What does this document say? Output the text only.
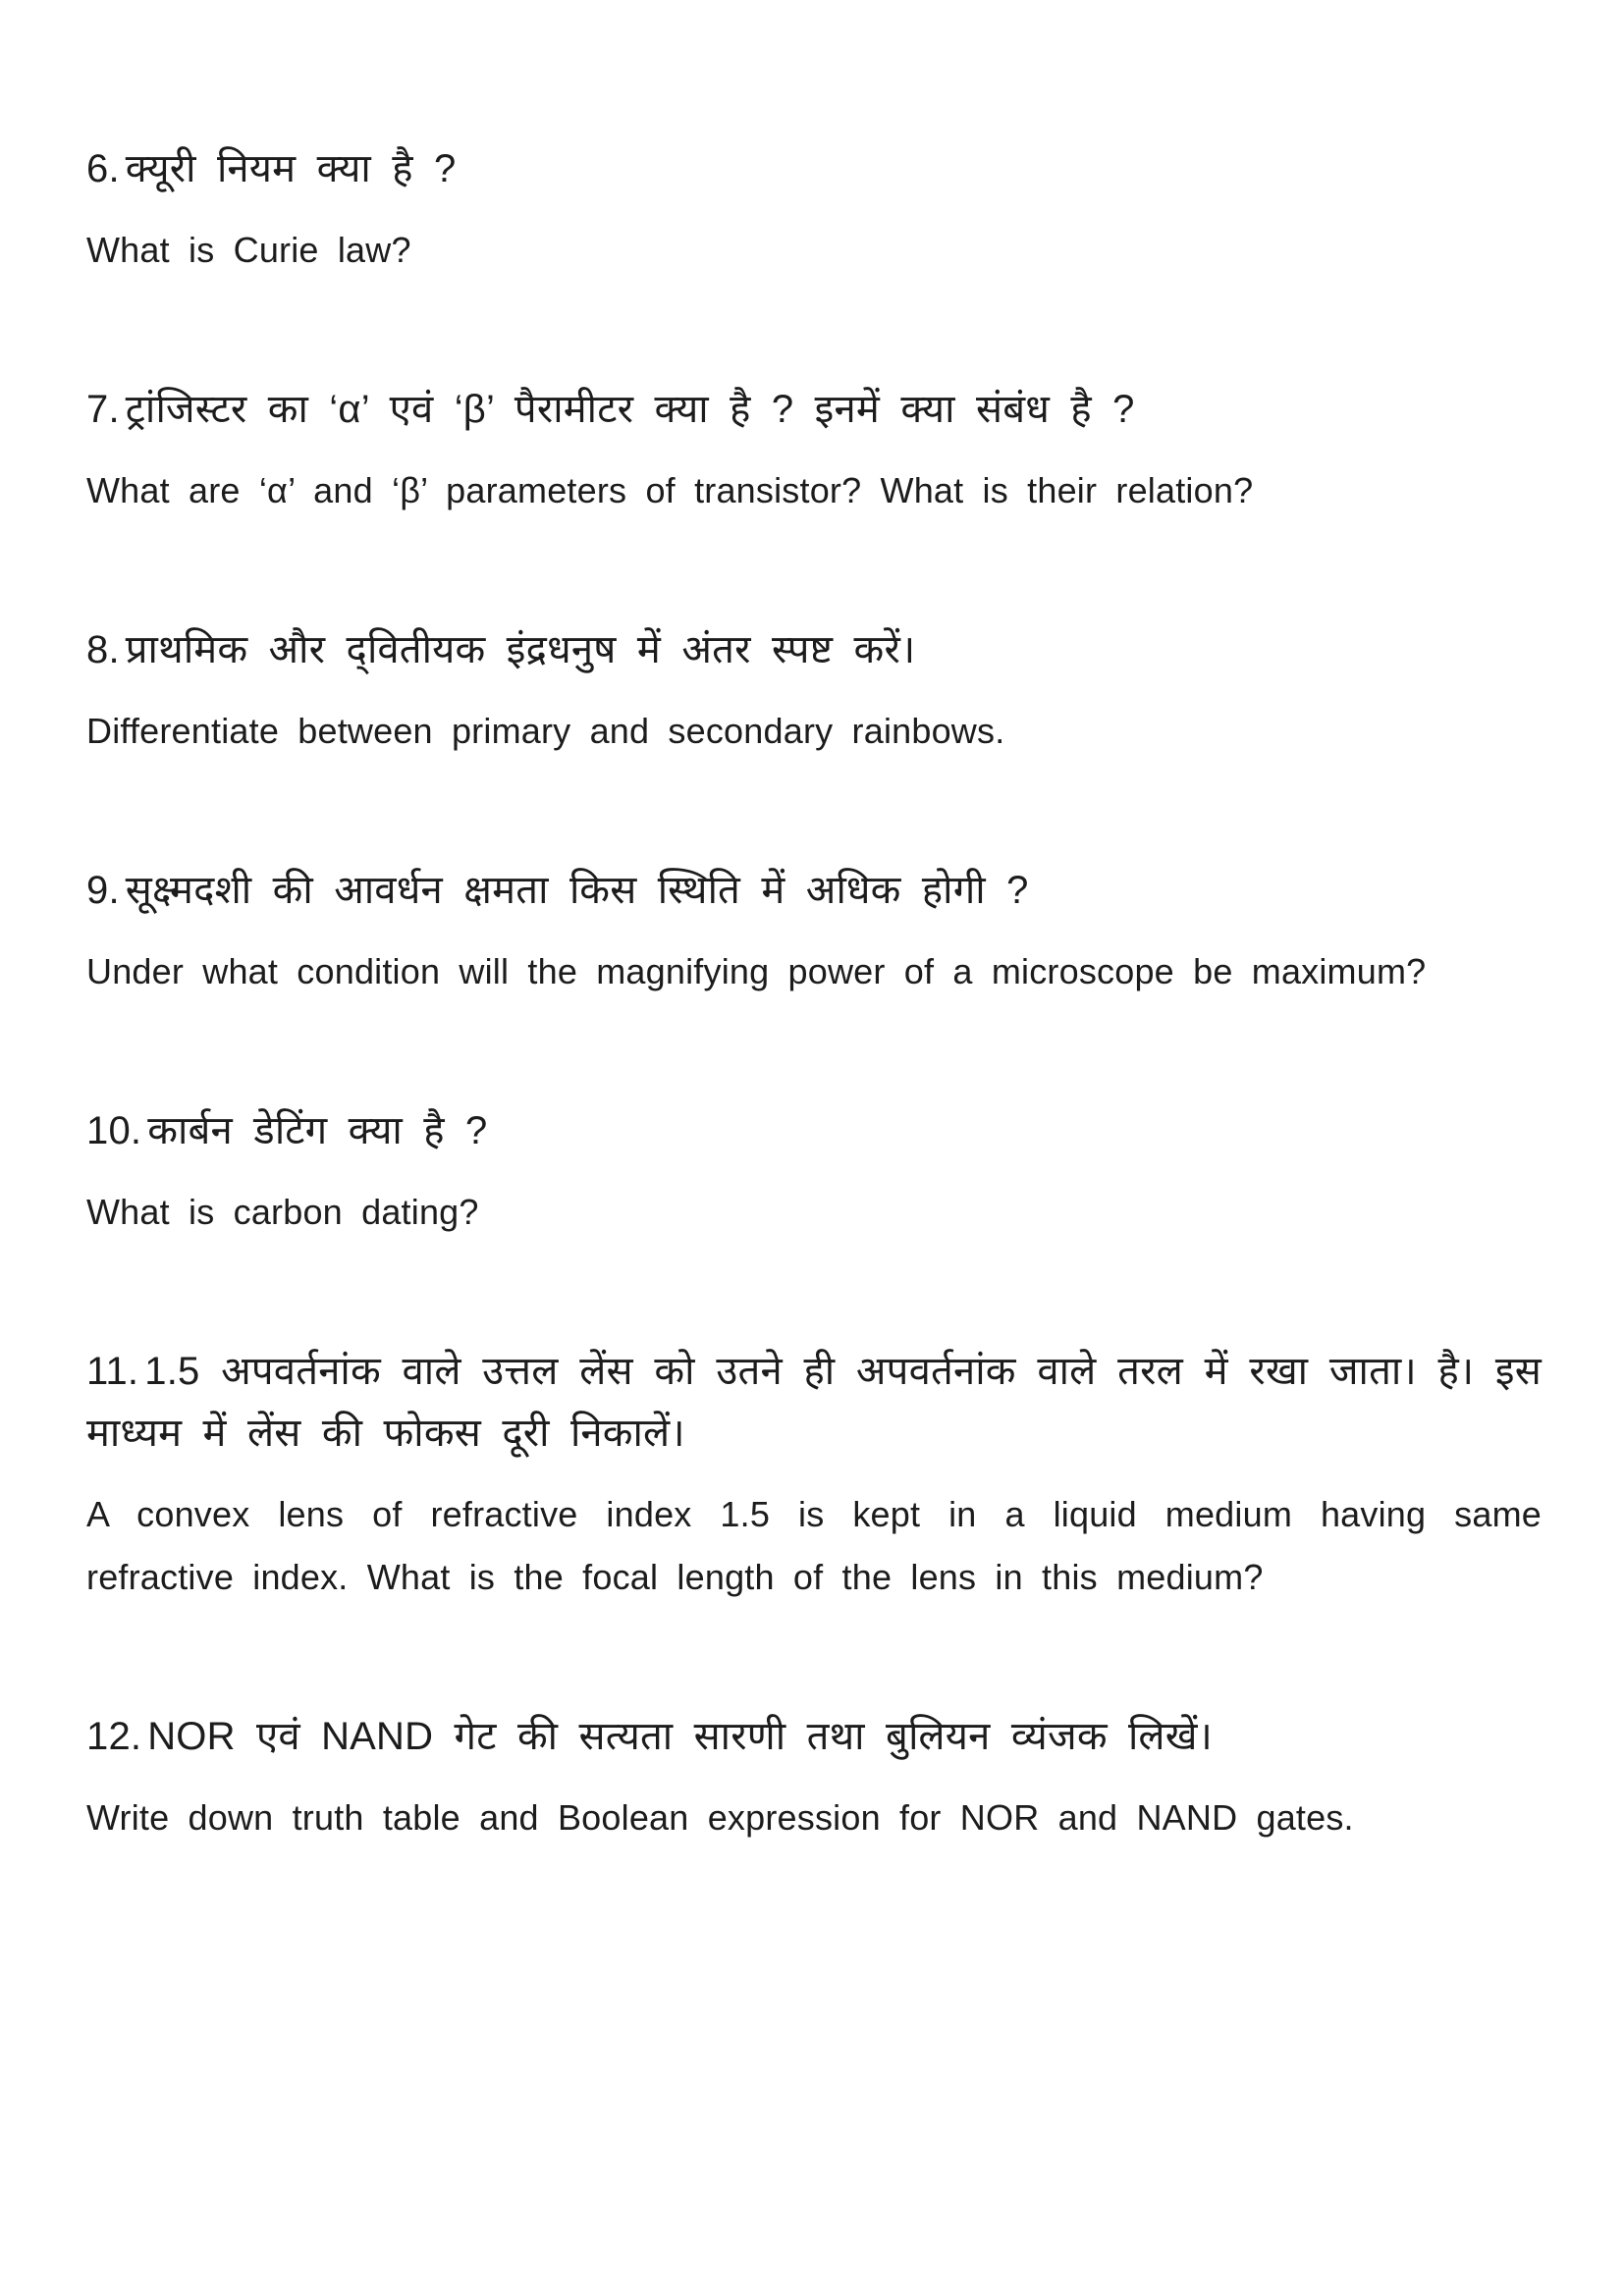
6. क्यूरी नियम क्या है ?

What is Curie law?

7. ट्रांजिस्टर का ‘α’ एवं ‘β’ पैरामीटर क्या है ? इनमें क्या संबंध है ?

What are ‘α’ and ‘β’ parameters of transistor? What is their relation?

8. प्राथमिक और द्‌वितीयक इंद्रधनुष में अंतर स्पष्ट करें।

Differentiate between primary and secondary rainbows.

9. सूक्ष्मदशी की आवर्धन क्षमता किस स्थिति में अधिक होगी ?

Under what condition will the magnifying power of a microscope be maximum?

10. कार्बन डेटिंग क्या है ?

What is carbon dating?

11. 1.5 अपवर्तनांक वाले उत्तल लेंस को उतने ही अपवर्तनांक वाले तरल में रखा जाता। है। इस माध्यम में लेंस की फोकस दूरी निकालें।

A convex lens of refractive index 1.5 is kept in a liquid medium having same refractive index. What is the focal length of the lens in this medium?

12. NOR एवं NAND गेट की सत्यता सारणी तथा बुलियन व्यंजक लिखें।

Write down truth table and Boolean expression for NOR and NAND gates.
